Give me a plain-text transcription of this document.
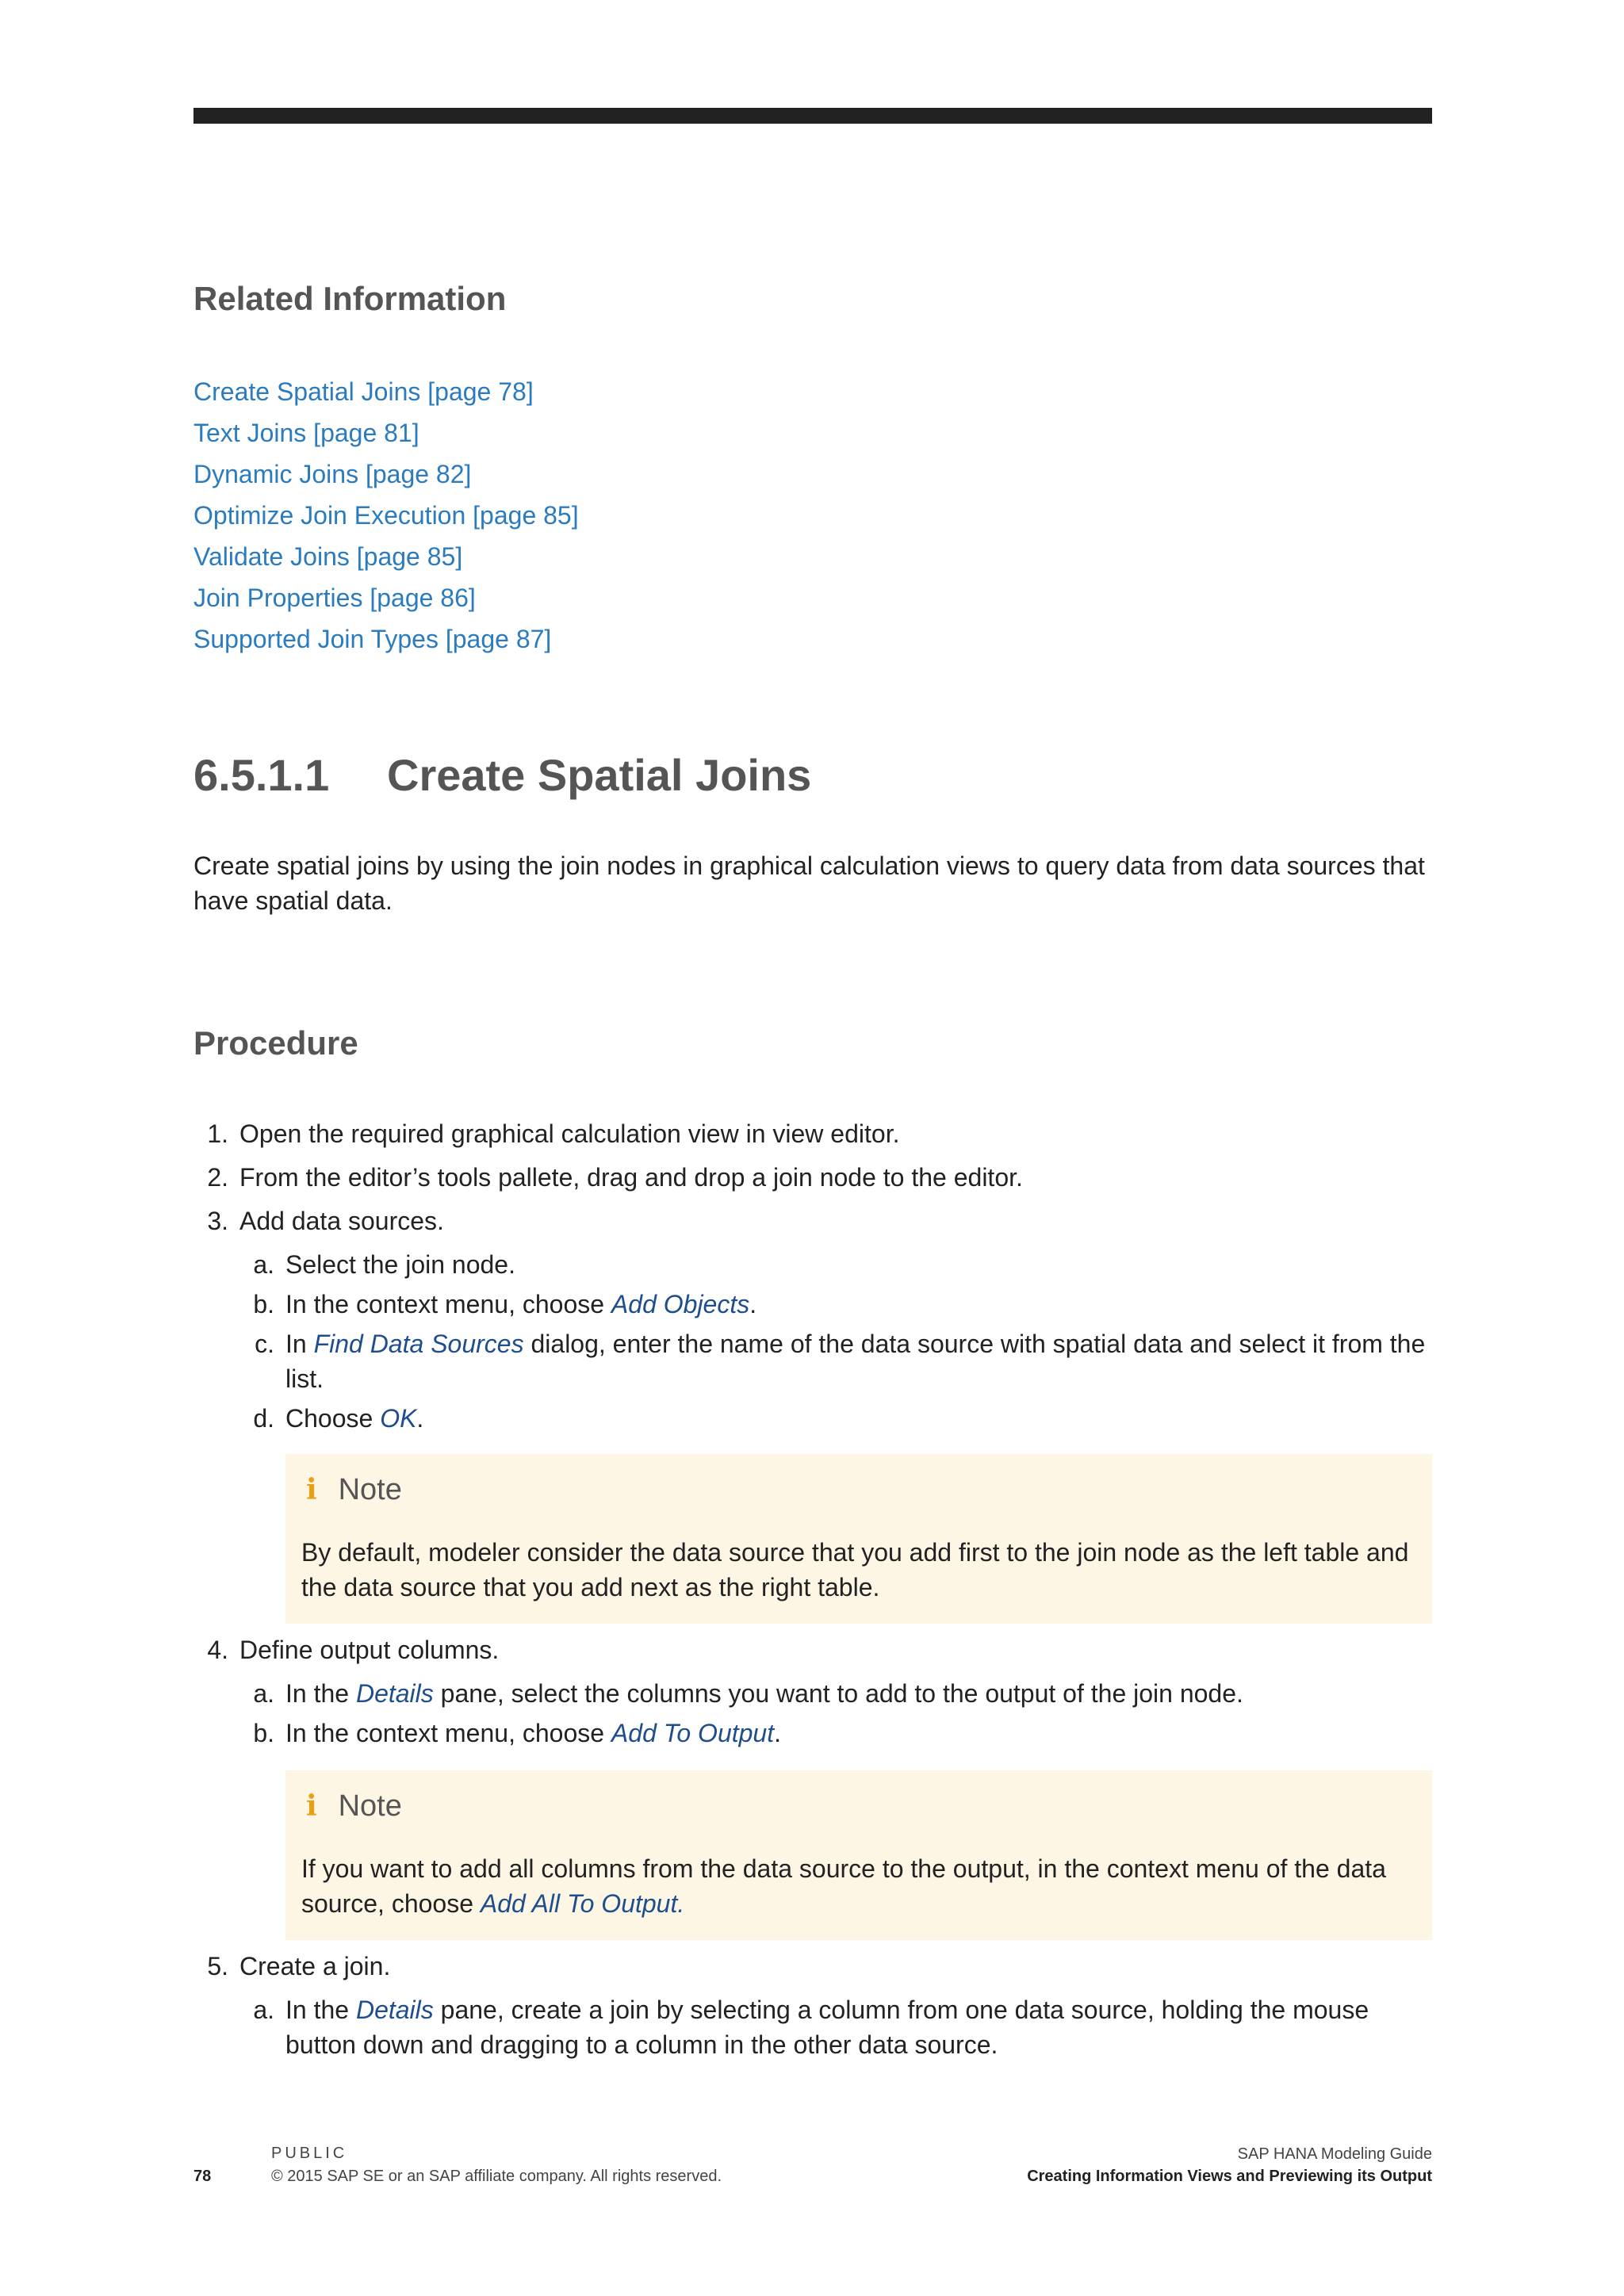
Related Information
Create Spatial Joins [page 78]
Text Joins [page 81]
Dynamic Joins [page 82]
Optimize Join Execution [page 85]
Validate Joins [page 85]
Join Properties [page 86]
Supported Join Types [page 87]
6.5.1.1 Create Spatial Joins

Create spatial joins by using the join nodes in graphical calculation views to query data from data sources that have spatial data.

Procedure
1. Open the required graphical calculation view in view editor.
2. From the editor’s tools pallete, drag and drop a join node to the editor.
3. Add data sources.
a. Select the join node.
b. In the context menu, choose Add Objects.
c. In Find Data Sources dialog, enter the name of the data source with spatial data and select it from the list.
d. Choose OK.
i Note

By default, modeler consider the data source that you add first to the join node as the left table and the data source that you add next as the right table.

4. Define output columns.
a. In the Details pane, select the columns you want to add to the output of the join node.
b. In the context menu, choose Add To Output.
i Note

If you want to add all columns from the data source to the output, in the context menu of the data source, choose Add All To Output.

5. Create a join.
a. In the Details pane, create a join by selecting a column from one data source, holding the mouse button down and dragging to a column in the other data source.
PUBLIC
78	© 2015 SAP SE or an SAP affiliate company. All rights reserved.
SAP HANA Modeling Guide
Creating Information Views and Previewing its Output
